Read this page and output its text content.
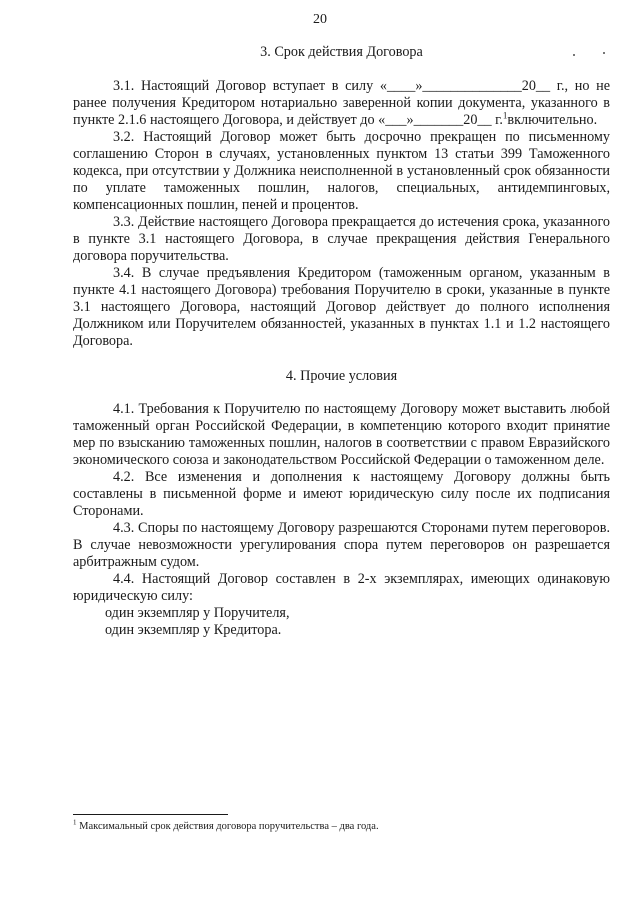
20
3. Срок действия Договора

3.1. Настоящий Договор вступает в силу «____»______________20__ г., но не ранее получения Кредитором нотариально заверенной копии документа, указанного в пункте 2.1.6 настоящего Договора, и действует до «___»_______20__ г.$^1$включительно.

3.2. Настоящий Договор может быть досрочно прекращен по письменному соглашению Сторон в случаях, установленных пунктом 13 статьи 399 Таможенного кодекса, при отсутствии у Должника неисполненной в установленный срок обязанности по уплате таможенных пошлин, налогов, специальных, антидемпинговых, компенсационных пошлин, пеней и процентов.

3.3. Действие настоящего Договора прекращается до истечения срока, указанного в пункте 3.1 настоящего Договора, в случае прекращения действия Генерального договора поручительства.

3.4. В случае предъявления Кредитором (таможенным органом, указанным в пункте 4.1 настоящего Договора) требования Поручителю в сроки, указанные в пункте 3.1 настоящего Договора, настоящий Договор действует до полного исполнения Должником или Поручителем обязанностей, указанных в пунктах 1.1 и 1.2 настоящего Договора.

4. Прочие условия

4.1. Требования к Поручителю по настоящему Договору может выставить любой таможенный орган Российской Федерации, в компетенцию которого входит принятие мер по взысканию таможенных пошлин, налогов в соответствии с правом Евразийского экономического союза и законодательством Российской Федерации о таможенном деле.

4.2. Все изменения и дополнения к настоящему Договору должны быть составлены в письменной форме и имеют юридическую силу после их подписания Сторонами.

4.3. Споры по настоящему Договору разрешаются Сторонами путем переговоров. В случае невозможности урегулирования спора путем переговоров он разрешается арбитражным судом.

4.4. Настоящий Договор составлен в 2-х экземплярах, имеющих одинаковую юридическую силу:

один экземпляр у Поручителя,

один экземпляр у Кредитора.

$^1$ Максимальный срок действия договора поручительства – два года.
